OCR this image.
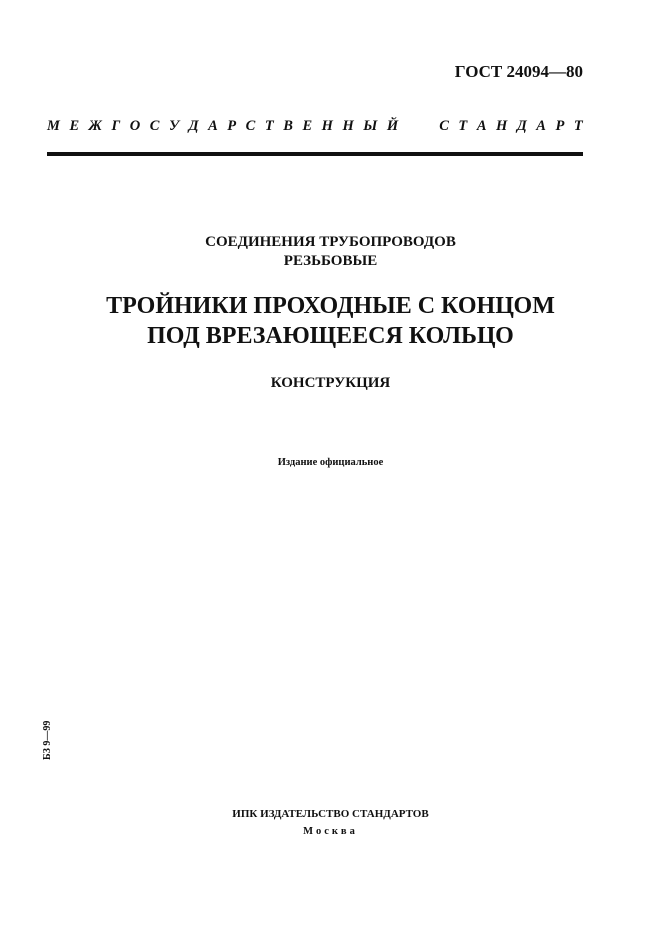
ГОСТ 24094—80
М Е Ж Г О С У Д А Р С Т В Е Н Н Ы Й	С Т А Н Д А Р Т
СОЕДИНЕНИЯ ТРУБОПРОВОДОВ
РЕЗЬБОВЫЕ
ТРОЙНИКИ ПРОХОДНЫЕ С КОНЦОМ
ПОД ВРЕЗАЮЩЕЕСЯ КОЛЬЦО
КОНСТРУКЦИЯ
Издание официальное
БЗ 9—99
ИПК ИЗДАТЕЛЬСТВО СТАНДАРТОВ
Москва
